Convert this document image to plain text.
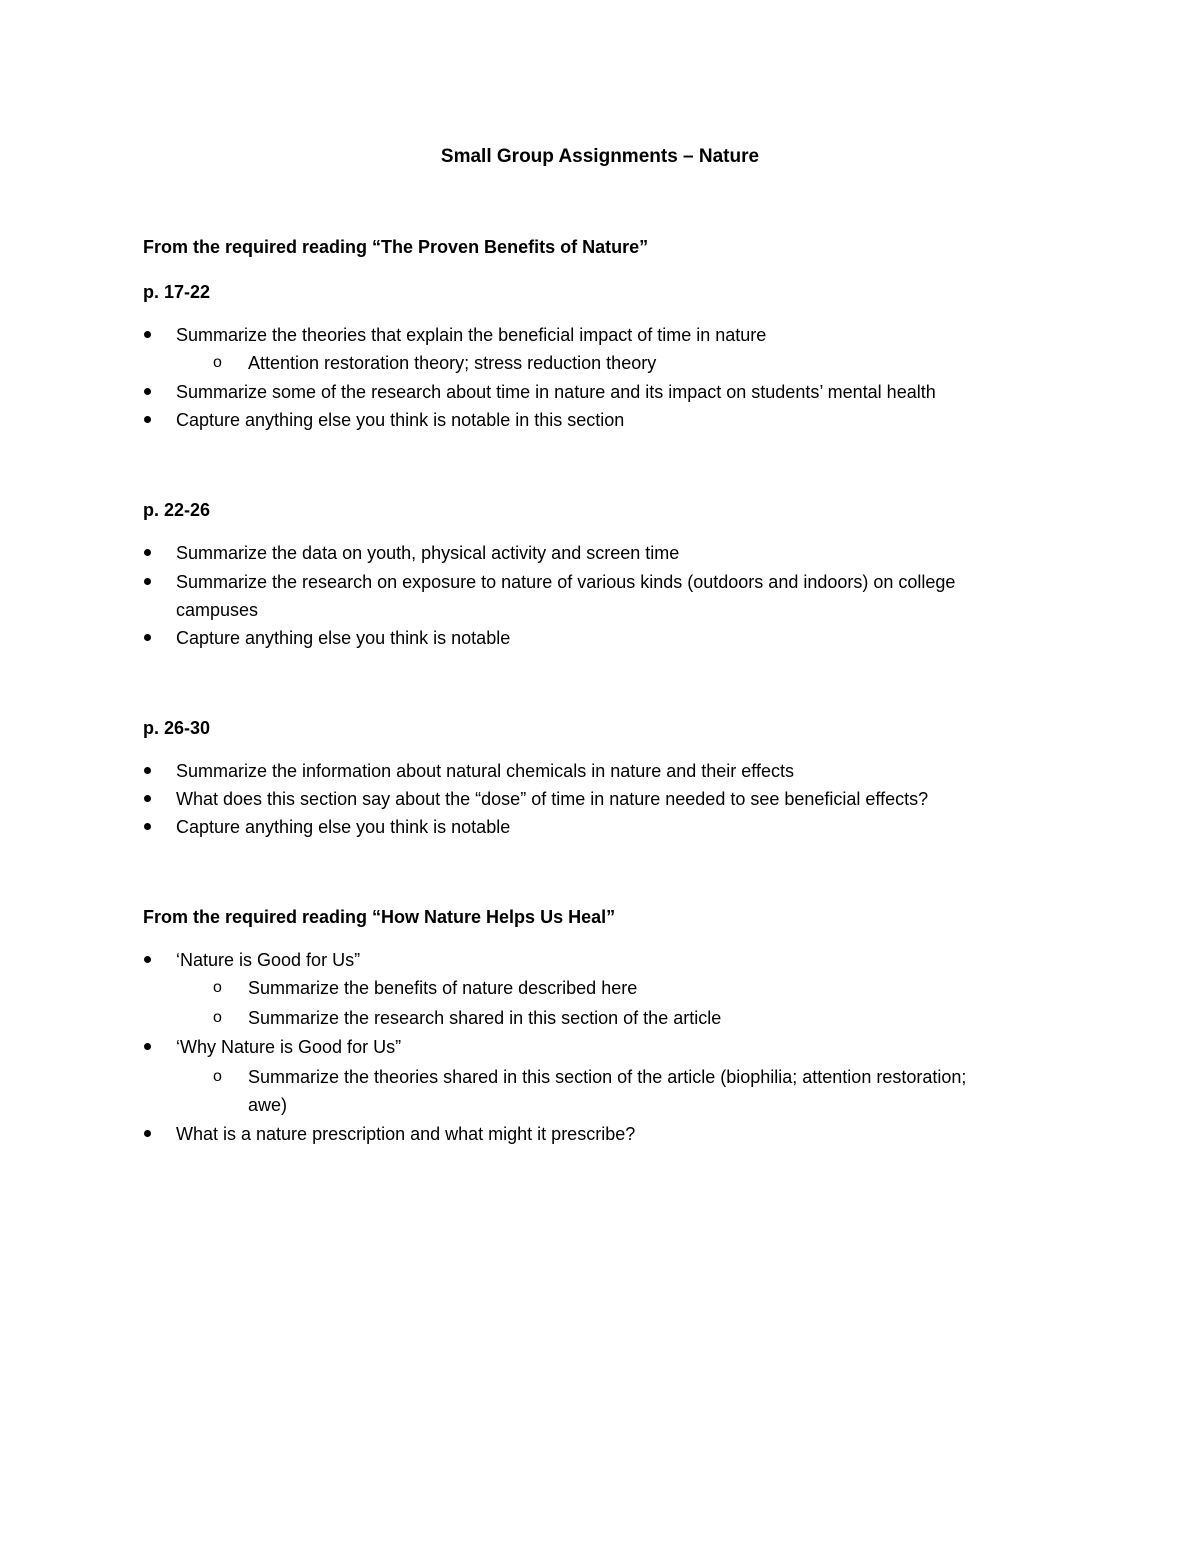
Small Group Assignments – Nature
From the required reading “The Proven Benefits of Nature”
p. 17-22
Summarize the theories that explain the beneficial impact of time in nature
o Attention restoration theory; stress reduction theory
Summarize some of the research about time in nature and its impact on students’ mental health
Capture anything else you think is notable in this section
p. 22-26
Summarize the data on youth, physical activity and screen time
Summarize the research on exposure to nature of various kinds (outdoors and indoors) on college
campuses
Capture anything else you think is notable
p. 26-30
Summarize the information about natural chemicals in nature and their effects
What does this section say about the “dose” of time in nature needed to see beneficial effects?
Capture anything else you think is notable
From the required reading “How Nature Helps Us Heal”
‘Nature is Good for Us”
o Summarize the benefits of nature described here
o Summarize the research shared in this section of the article
‘Why Nature is Good for Us”
o Summarize the theories shared in this section of the article (biophilia; attention restoration;
awe)
What is a nature prescription and what might it prescribe?
